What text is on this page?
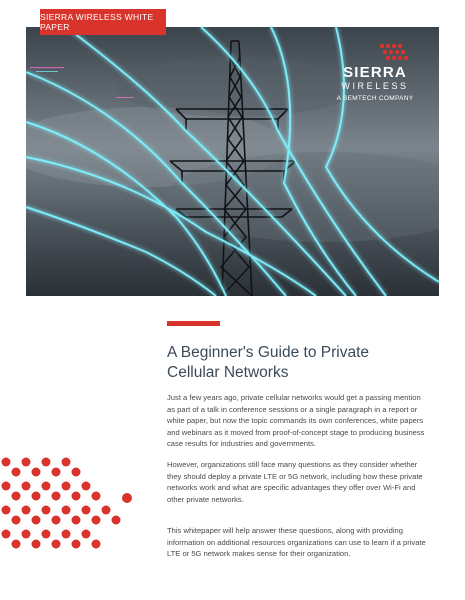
SIERRA WIRELESS WHITE PAPER
SIERRA
WIRELESS
A SEMTECH COMPANY
A Beginner's Guide to Private
Cellular Networks

Just a few years ago, private cellular networks would get a passing mention as part of a talk in conference sessions or a single paragraph in a report or white paper, but now the topic commands its own conferences, white papers and webinars as it moved from proof-of-concept stage to producing business case results for industries and governments.

However, organizations still face many questions as they consider whether they should deploy a private LTE or 5G network, including how these private networks work and what are specific advantages they offer over Wi-Fi and other private networks.

This whitepaper will help answer these questions, along with providing information on additional resources organizations can use to learn if a private LTE or 5G network makes sense for their organization.
